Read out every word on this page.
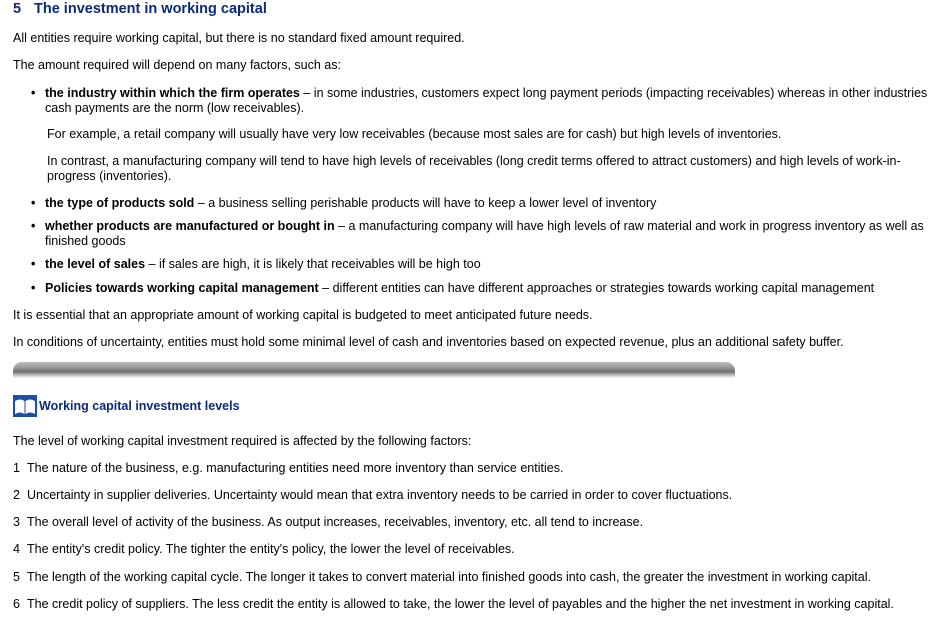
5 The investment in working capital
All entities require working capital, but there is no standard fixed amount required.
The amount required will depend on many factors, such as:
• the industry within which the firm operates – in some industries, customers expect long payment periods (impacting receivables) whereas in other industries cash payments are the norm (low receivables).
For example, a retail company will usually have very low receivables (because most sales are for cash) but high levels of inventories.
In contrast, a manufacturing company will tend to have high levels of receivables (long credit terms offered to attract customers) and high levels of work-in-progress (inventories).
• the type of products sold – a business selling perishable products will have to keep a lower level of inventory
• whether products are manufactured or bought in – a manufacturing company will have high levels of raw material and work in progress inventory as well as finished goods
• the level of sales – if sales are high, it is likely that receivables will be high too
• Policies towards working capital management – different entities can have different approaches or strategies towards working capital management
It is essential that an appropriate amount of working capital is budgeted to meet anticipated future needs.
In conditions of uncertainty, entities must hold some minimal level of cash and inventories based on expected revenue, plus an additional safety buffer.
Working capital investment levels
The level of working capital investment required is affected by the following factors:
1 The nature of the business, e.g. manufacturing entities need more inventory than service entities.
2 Uncertainty in supplier deliveries. Uncertainty would mean that extra inventory needs to be carried in order to cover fluctuations.
3 The overall level of activity of the business. As output increases, receivables, inventory, etc. all tend to increase.
4 The entity's credit policy. The tighter the entity's policy, the lower the level of receivables.
5 The length of the working capital cycle. The longer it takes to convert material into finished goods into cash, the greater the investment in working capital.
6 The credit policy of suppliers. The less credit the entity is allowed to take, the lower the level of payables and the higher the net investment in working capital.
